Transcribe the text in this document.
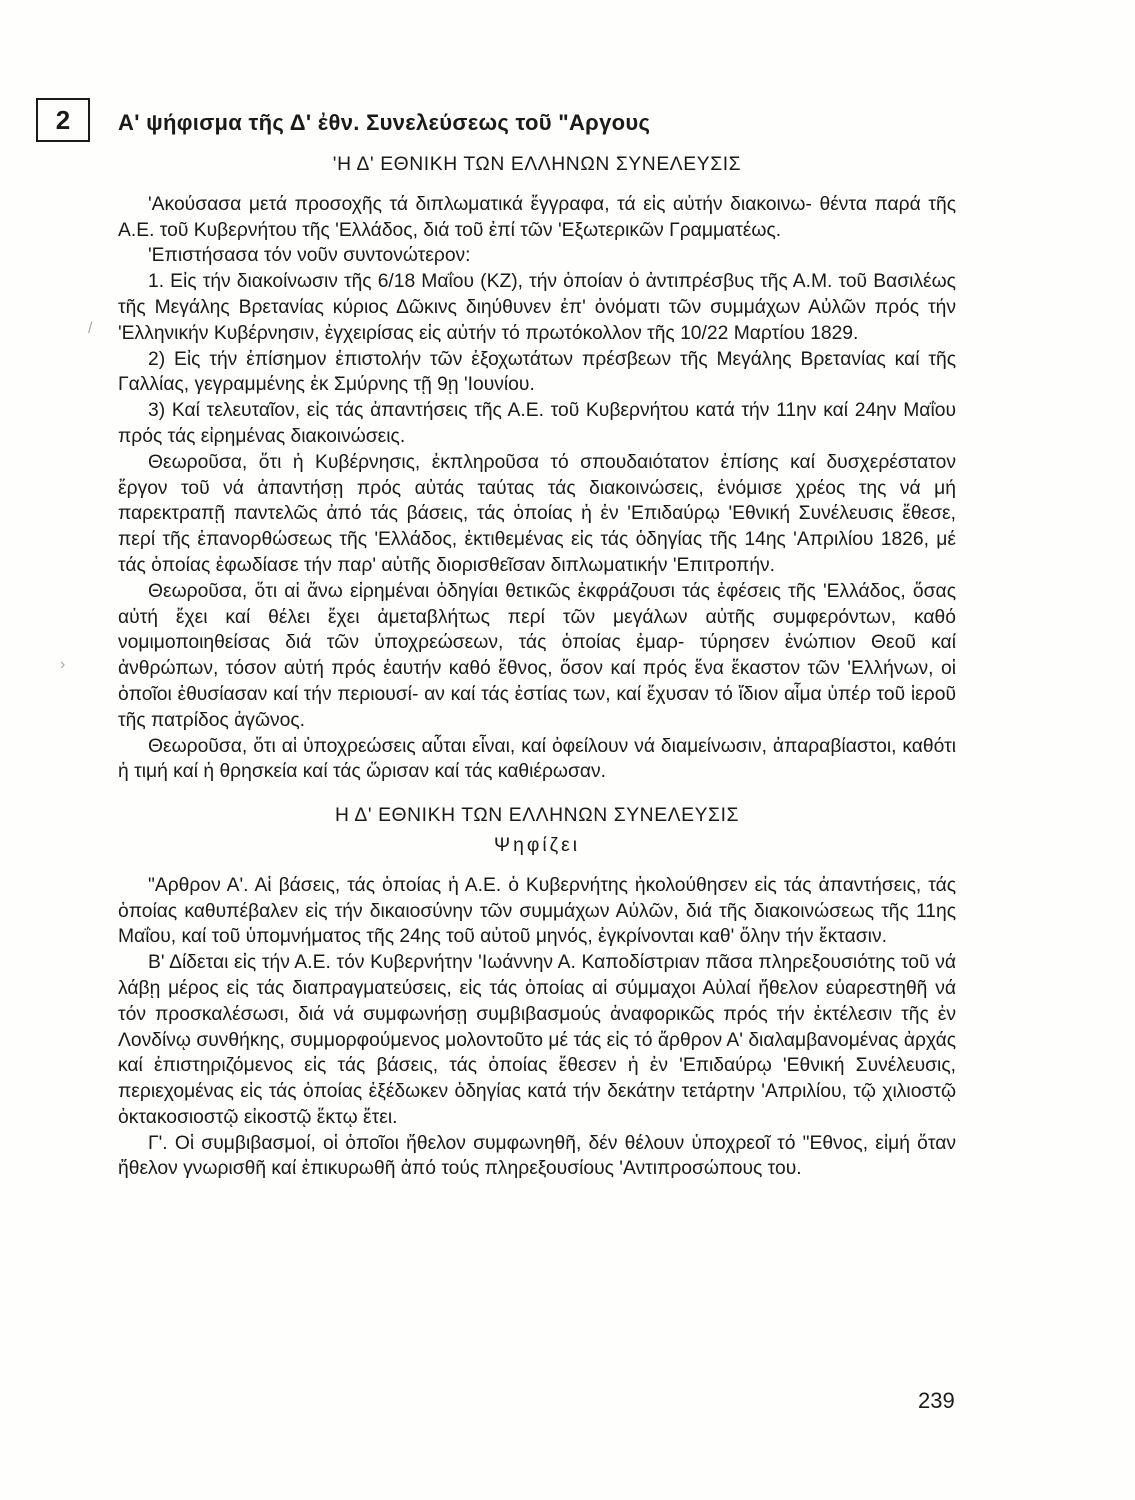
2 Α' ψήφισμα τῆς Δ' ἐθν. Συνελεύσεως τοῦ "Αργους
/
›
'Η Δ' ΕΘΝΙΚΗ ΤΩΝ ΕΛΛΗΝΩΝ ΣΥΝΕΛΕΥΣΙΣ

'Ακούσασα μετά προσοχῆς τά διπλωματικά ἔγγραφα, τά εἰς αὐτήν διακοινω- θέντα παρά τῆς Α.Ε. τοῦ Κυβερνήτου τῆς 'Ελλάδος, διά τοῦ ἐπί τῶν 'Εξωτερικῶν Γραμματέως.

'Επιστήσασα τόν νοῦν συντονώτερον:

1. Εἰς τήν διακοίνωσιν τῆς 6/18 Μαΐου (ΚΖ), τήν ὁποίαν ὁ ἀντιπρέσβυς τῆς Α.Μ. τοῦ Βασιλέως τῆς Μεγάλης Βρετανίας κύριος Δῶκινς διηύθυνεν ἐπ' ὀνόματι τῶν συμμάχων Αὐλῶν πρός τήν 'Ελληνικήν Κυβέρνησιν, ἐγχειρίσας εἰς αὐτήν τό πρωτόκολλον τῆς 10/22 Μαρτίου 1829.

2) Εἰς τήν ἐπίσημον ἐπιστολήν τῶν ἐξοχωτάτων πρέσβεων τῆς Μεγάλης Βρετανίας καί τῆς Γαλλίας, γεγραμμένης ἐκ Σμύρνης τῇ 9ῃ 'Ιουνίου.

3) Καί τελευταῖον, εἰς τάς ἀπαντήσεις τῆς Α.Ε. τοῦ Κυβερνήτου κατά τήν 11ην καί 24ην Μαΐου πρός τάς εἰρημένας διακοινώσεις.

Θεωροῦσα, ὅτι ἡ Κυβέρνησις, ἐκπληροῦσα τό σπουδαιότατον ἐπίσης καί δυσχερέστατον ἔργον τοῦ νά ἀπαντήσῃ πρός αὐτάς ταύτας τάς διακοινώσεις, ἐνόμισε χρέος της νά μή παρεκτραπῇ παντελῶς ἀπό τάς βάσεις, τάς ὁποίας ἡ ἐν 'Επιδαύρῳ 'Εθνική Συνέλευσις ἔθεσε, περί τῆς ἐπανορθώσεως τῆς 'Ελλάδος, ἐκτιθεμένας εἰς τάς ὁδηγίας τῆς 14ης 'Απριλίου 1826, μέ τάς ὁποίας ἐφωδίασε τήν παρ' αὐτῆς διορισθεῖσαν διπλωματικήν 'Επιτροπήν.

Θεωροῦσα, ὅτι αἱ ἄνω εἰρημέναι ὁδηγίαι θετικῶς ἐκφράζουσι τάς ἐφέσεις τῆς 'Ελλάδος, ὅσας αὐτή ἔχει καί θέλει ἔχει ἀμεταβλήτως περί τῶν μεγάλων αὐτῆς συμφερόντων, καθό νομιμοποιηθείσας διά τῶν ὑποχρεώσεων, τάς ὁποίας ἐμαρ- τύρησεν ἐνώπιον Θεοῦ καί ἀνθρώπων, τόσον αὐτή πρός ἑαυτήν καθό ἔθνος, ὅσον καί πρός ἕνα ἕκαστον τῶν 'Ελλήνων, οἱ ὁποῖοι ἐθυσίασαν καί τήν περιουσί- αν καί τάς ἑστίας των, καί ἔχυσαν τό ἴδιον αἷμα ὑπέρ τοῦ ἱεροῦ τῆς πατρίδος ἀγῶνος.

Θεωροῦσα, ὅτι αἱ ὑποχρεώσεις αὗται εἶναι, καί ὀφείλουν νά διαμείνωσιν, ἀπαραβίαστοι, καθότι ἡ τιμή καί ἡ θρησκεία καί τάς ὥρισαν καί τάς καθιέρωσαν.

Η Δ' ΕΘΝΙΚΗ ΤΩΝ ΕΛΛΗΝΩΝ ΣΥΝΕΛΕΥΣΙΣ
Ψηφίζει

"Αρθρον Α'. Αἱ βάσεις, τάς ὁποίας ἡ Α.Ε. ὁ Κυβερνήτης ἠκολούθησεν εἰς τάς ἀπαντήσεις, τάς ὁποίας καθυπέβαλεν εἰς τήν δικαιοσύνην τῶν συμμάχων Αὐλῶν, διά τῆς διακοινώσεως τῆς 11ης Μαΐου, καί τοῦ ὑπομνήματος τῆς 24ης τοῦ αὐτοῦ μηνός, ἐγκρίνονται καθ' ὅλην τήν ἔκτασιν.

Β' Δίδεται εἰς τήν Α.Ε. τόν Κυβερνήτην 'Ιωάννην Α. Καποδίστριαν πᾶσα πληρεξουσιότης τοῦ νά λάβῃ μέρος εἰς τάς διαπραγματεύσεις, εἰς τάς ὁποίας αἱ σύμμαχοι Αὐλαί ἤθελον εὐαρεστηθῆ νά τόν προσκαλέσωσι, διά νά συμφωνήσῃ συμβιβασμούς ἀναφορικῶς πρός τήν ἐκτέλεσιν τῆς ἐν Λονδίνῳ συνθήκης, συμμορφούμενος μολοντοῦτο μέ τάς εἰς τό ἄρθρον Α' διαλαμβανομένας ἀρχάς καί ἐπιστηριζόμενος εἰς τάς βάσεις, τάς ὁποίας ἔθεσεν ἡ ἐν 'Επιδαύρῳ 'Εθνική Συνέλευσις, περιεχομένας εἰς τάς ὁποίας ἐξέδωκεν ὁδηγίας κατά τήν δεκάτην τετάρτην 'Απριλίου, τῷ χιλιοστῷ ὀκτακοσιοστῷ εἰκοστῷ ἕκτῳ ἔτει.

Γ'. Οἱ συμβιβασμοί, οἱ ὁποῖοι ἤθελον συμφωνηθῆ, δέν θέλουν ὑποχρεοῖ τό "Εθνος, εἰμή ὅταν ἤθελον γνωρισθῆ καί ἐπικυρωθῆ ἀπό τούς πληρεξουσίους 'Αντιπροσώπους του.

239
